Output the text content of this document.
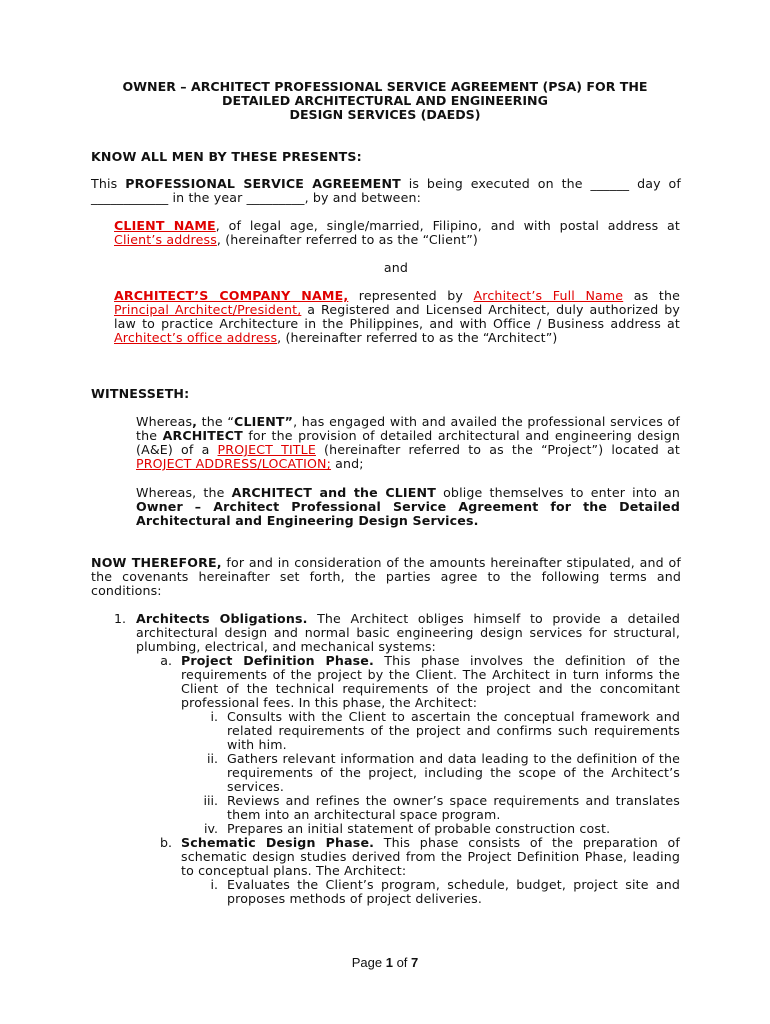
OWNER – ARCHITECT PROFESSIONAL SERVICE AGREEMENT (PSA) FOR THE
DETAILED ARCHITECTURAL AND ENGINEERING
DESIGN SERVICES (DAEDS)

KNOW ALL MEN BY THESE PRESENTS:

This PROFESSIONAL SERVICE AGREEMENT is being executed on the ______ day of ____________ in the year _________, by and between:

CLIENT NAME, of legal age, single/married, Filipino, and with postal address at Client’s address, (hereinafter referred to as the “Client”)

and

ARCHITECT’S COMPANY NAME, represented by Architect’s Full Name as the Principal Architect/President, a Registered and Licensed Architect, duly authorized by law to practice Architecture in the Philippines, and with Office / Business address at Architect’s office address, (hereinafter referred to as the “Architect”)

WITNESSETH:

Whereas, the “CLIENT”, has engaged with and availed the professional services of the ARCHITECT for the provision of detailed architectural and engineering design (A&E) of a PROJECT TITLE (hereinafter referred to as the “Project”) located at PROJECT ADDRESS/LOCATION; and;

Whereas, the ARCHITECT and the CLIENT oblige themselves to enter into an Owner – Architect Professional Service Agreement for the Detailed Architectural and Engineering Design Services.

NOW THEREFORE, for and in consideration of the amounts hereinafter stipulated, and of the covenants hereinafter set forth, the parties agree to the following terms and conditions:

1. Architects Obligations. The Architect obliges himself to provide a detailed architectural design and normal basic engineering design services for structural, plumbing, electrical, and mechanical systems:

a. Project Definition Phase. This phase involves the definition of the requirements of the project by the Client. The Architect in turn informs the Client of the technical requirements of the project and the concomitant professional fees. In this phase, the Architect:

i. Consults with the Client to ascertain the conceptual framework and related requirements of the project and confirms such requirements with him.

ii. Gathers relevant information and data leading to the definition of the requirements of the project, including the scope of the Architect’s services.

iii. Reviews and refines the owner’s space requirements and translates them into an architectural space program.

iv. Prepares an initial statement of probable construction cost.

b. Schematic Design Phase. This phase consists of the preparation of schematic design studies derived from the Project Definition Phase, leading to conceptual plans. The Architect:

i. Evaluates the Client’s program, schedule, budget, project site and proposes methods of project deliveries.

Page 1 of 7
